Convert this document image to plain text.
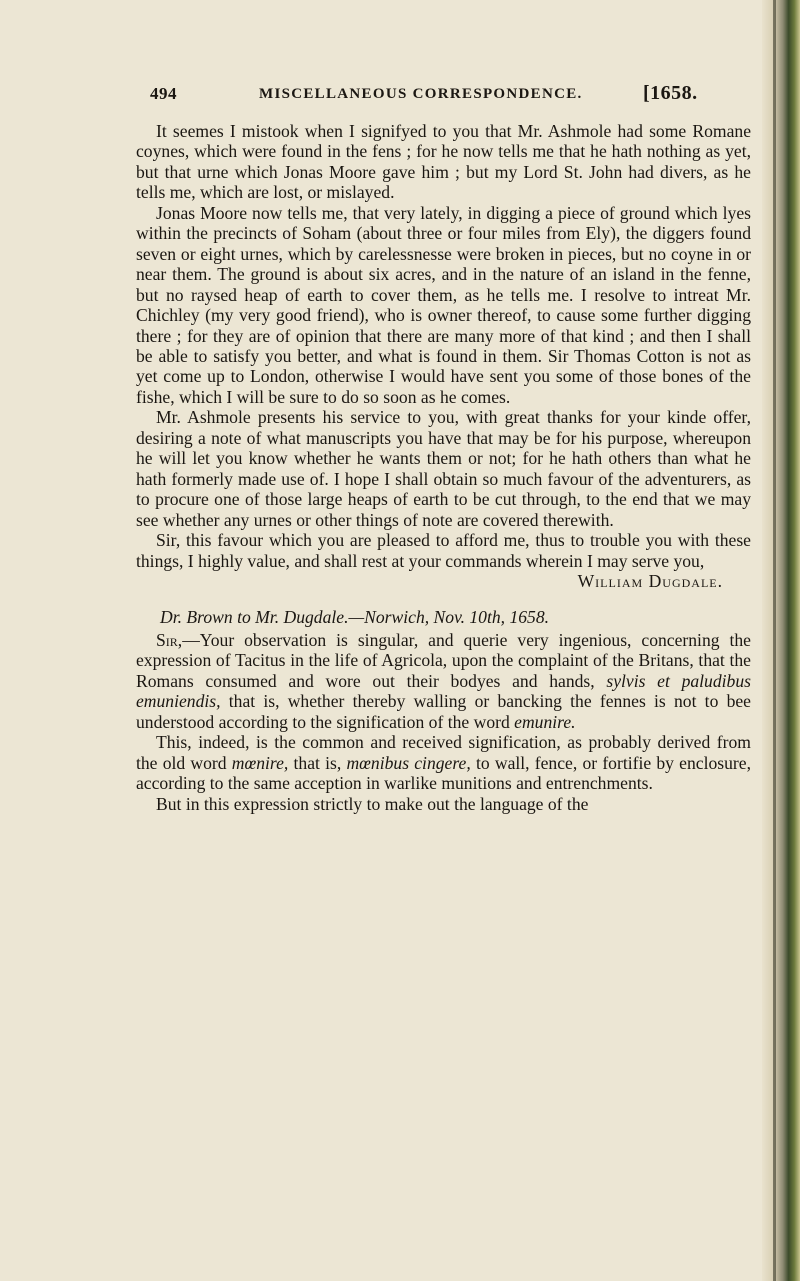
494	MISCELLANEOUS CORRESPONDENCE.	[1658.

It seemes I mistook when I signifyed to you that Mr. Ashmole had some Romane coynes, which were found in the fens ; for he now tells me that he hath nothing as yet, but that urne which Jonas Moore gave him ; but my Lord St. John had divers, as he tells me, which are lost, or mislayed.

Jonas Moore now tells me, that very lately, in digging a piece of ground which lyes within the precincts of Soham (about three or four miles from Ely), the diggers found seven or eight urnes, which by carelessnesse were broken in pieces, but no coyne in or near them. The ground is about six acres, and in the nature of an island in the fenne, but no raysed heap of earth to cover them, as he tells me. I resolve to intreat Mr. Chichley (my very good friend), who is owner thereof, to cause some further digging there ; for they are of opinion that there are many more of that kind ; and then I shall be able to satisfy you better, and what is found in them. Sir Thomas Cotton is not as yet come up to London, otherwise I would have sent you some of those bones of the fishe, which I will be sure to do so soon as he comes.

Mr. Ashmole presents his service to you, with great thanks for your kinde offer, desiring a note of what manuscripts you have that may be for his purpose, whereupon he will let you know whether he wants them or not; for he hath others than what he hath formerly made use of. I hope I shall obtain so much favour of the adventurers, as to procure one of those large heaps of earth to be cut through, to the end that we may see whether any urnes or other things of note are covered therewith.

Sir, this favour which you are pleased to afford me, thus to trouble you with these things, I highly value, and shall rest at your commands wherein I may serve you,

William Dugdale.

Dr. Brown to Mr. Dugdale.—Norwich, Nov. 10th, 1658.

Sir,—Your observation is singular, and querie very ingenious, concerning the expression of Tacitus in the life of Agricola, upon the complaint of the Britans, that the Romans consumed and wore out their bodyes and hands, sylvis et paludibus emuniendis, that is, whether thereby walling or bancking the fennes is not to bee understood according to the signification of the word emunire.

This, indeed, is the common and received signification, as probably derived from the old word mœnire, that is, mœnibus cingere, to wall, fence, or fortifie by enclosure, according to the same acception in warlike munitions and entrenchments.

But in this expression strictly to make out the language of the
